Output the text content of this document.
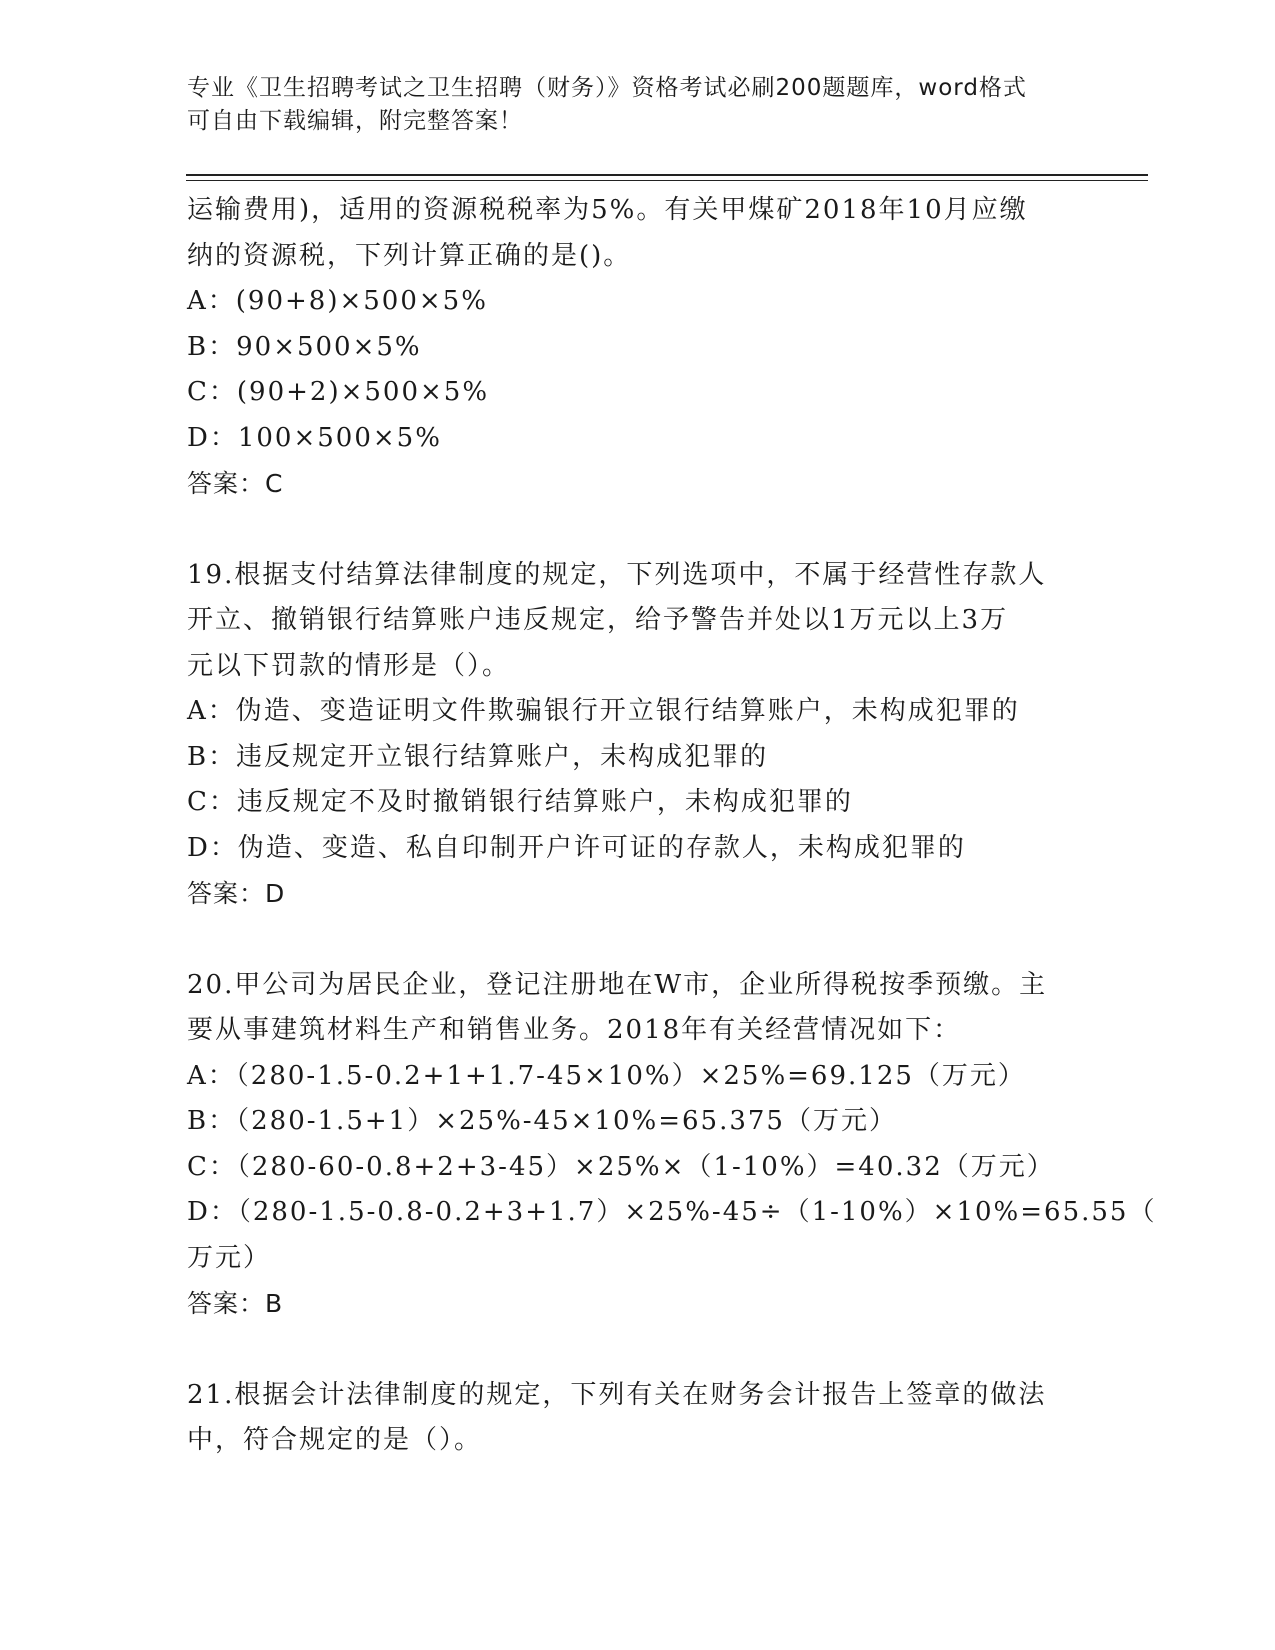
专业《卫生招聘考试之卫生招聘（财务）》资格考试必刷200题题库，word格式
可自由下载编辑，附完整答案！
运输费用)，适用的资源税税率为5%。有关甲煤矿2018年10月应缴
纳的资源税，下列计算正确的是()。
A：(90+8)×500×5%
B：90×500×5%
C：(90+2)×500×5%
D：100×500×5%
答案：C
19.根据支付结算法律制度的规定，下列选项中，不属于经营性存款人
开立、撤销银行结算账户违反规定，给予警告并处以1万元以上3万
元以下罚款的情形是（）。
A：伪造、变造证明文件欺骗银行开立银行结算账户，未构成犯罪的
B：违反规定开立银行结算账户，未构成犯罪的
C：违反规定不及时撤销银行结算账户，未构成犯罪的
D：伪造、变造、私自印制开户许可证的存款人，未构成犯罪的
答案：D
20.甲公司为居民企业，登记注册地在W市，企业所得税按季预缴。主
要从事建筑材料生产和销售业务。2018年有关经营情况如下：
A：（280-1.5-0.2+1+1.7-45×10%）×25%=69.125（万元）
B：（280-1.5+1）×25%-45×10%=65.375（万元）
C：（280-60-0.8+2+3-45）×25%×（1-10%）=40.32（万元）
D：（280-1.5-0.8-0.2+3+1.7）×25%-45÷（1-10%）×10%=65.55（
万元）
答案：B
21.根据会计法律制度的规定，下列有关在财务会计报告上签章的做法
中，符合规定的是（）。
